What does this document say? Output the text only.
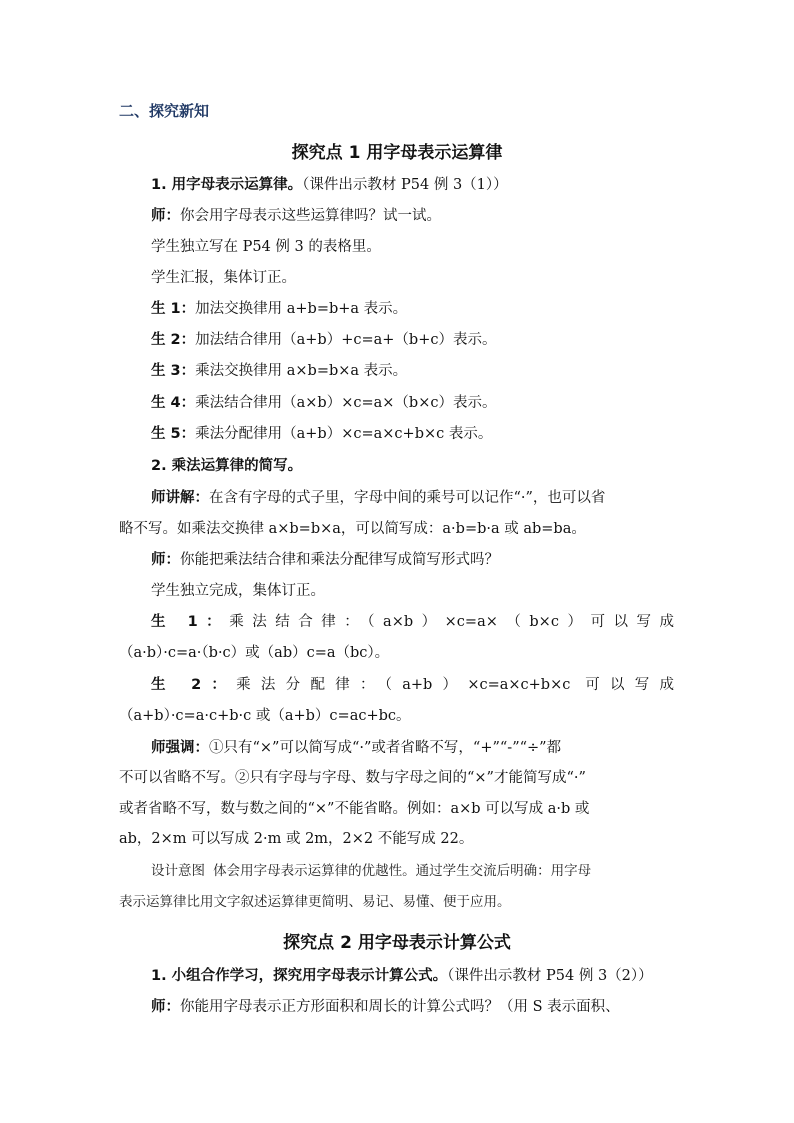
二、探究新知
探究点 1 用字母表示运算律
1. 用字母表示运算律。（课件出示教材 P54 例 3（1））
师：你会用字母表示这些运算律吗？试一试。
学生独立写在 P54 例 3 的表格里。
学生汇报，集体订正。
生 1：加法交换律用 a+b=b+a 表示。
生 2：加法结合律用（a+b）+c=a+（b+c）表示。
生 3：乘法交换律用 a×b=b×a 表示。
生 4：乘法结合律用（a×b）×c=a×（b×c）表示。
生 5：乘法分配律用（a+b）×c=a×c+b×c 表示。
2. 乘法运算律的简写。
师讲解：在含有字母的式子里，字母中间的乘号可以记作“·”，也可以省
略不写。如乘法交换律 a×b=b×a，可以简写成：a·b=b·a 或 ab=ba。
师：你能把乘法结合律和乘法分配律写成简写形式吗？
学生独立完成，集体订正。
生 1：乘法结合律：（a×b）×c=a×（b×c）可以写成
（a·b）·c=a·（b·c）或（ab）c=a（bc）。
生 2：乘法分配律：（a+b）×c=a×c+b×c 可以写成
（a+b）·c=a·c+b·c 或（a+b）c=ac+bc。
师强调：①只有“×”可以简写成“·”或者省略不写，“+”“-”“÷”都
不可以省略不写。②只有字母与字母、数与字母之间的“×”才能简写成“·”
或者省略不写，数与数之间的“×”不能省略。例如：a×b 可以写成 a·b 或
ab，2×m 可以写成 2·m 或 2m，2×2 不能写成 22。
设计意图 体会用字母表示运算律的优越性。通过学生交流后明确：用字母
表示运算律比用文字叙述运算律更简明、易记、易懂、便于应用。
探究点 2 用字母表示计算公式
1. 小组合作学习，探究用字母表示计算公式。（课件出示教材 P54 例 3（2））
师：你能用字母表示正方形面积和周长的计算公式吗？（用 S 表示面积、
